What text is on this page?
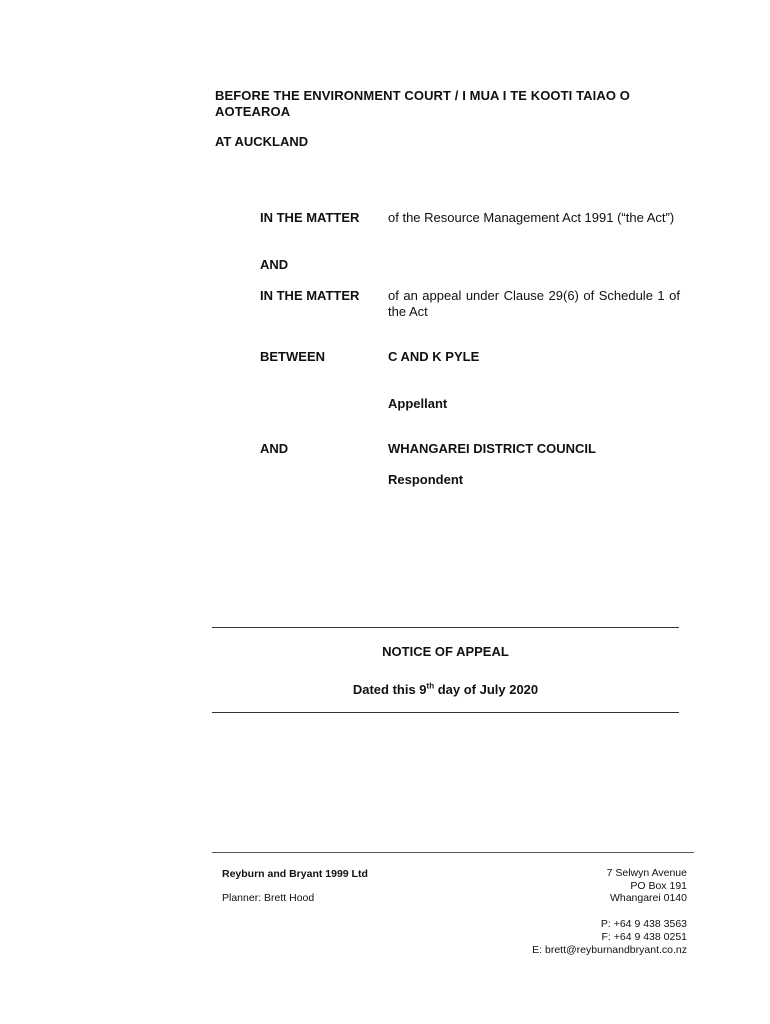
BEFORE THE ENVIRONMENT COURT / I MUA I TE KOOTI TAIAO O AOTEAROA
AT AUCKLAND
IN THE MATTER of the Resource Management Act 1991 (“the Act”)
AND
IN THE MATTER of an appeal under Clause 29(6) of Schedule 1 of the Act
BETWEEN	C AND K PYLE
Appellant
AND	WHANGAREI DISTRICT COUNCIL
Respondent
NOTICE OF APPEAL
Dated this 9th day of July 2020
Reyburn and Bryant 1999 Ltd
Planner: Brett Hood
7 Selwyn Avenue
PO Box 191
Whangarei 0140
P: +64 9 438 3563
F: +64 9 438 0251
E: brett@reyburnandbryant.co.nz
